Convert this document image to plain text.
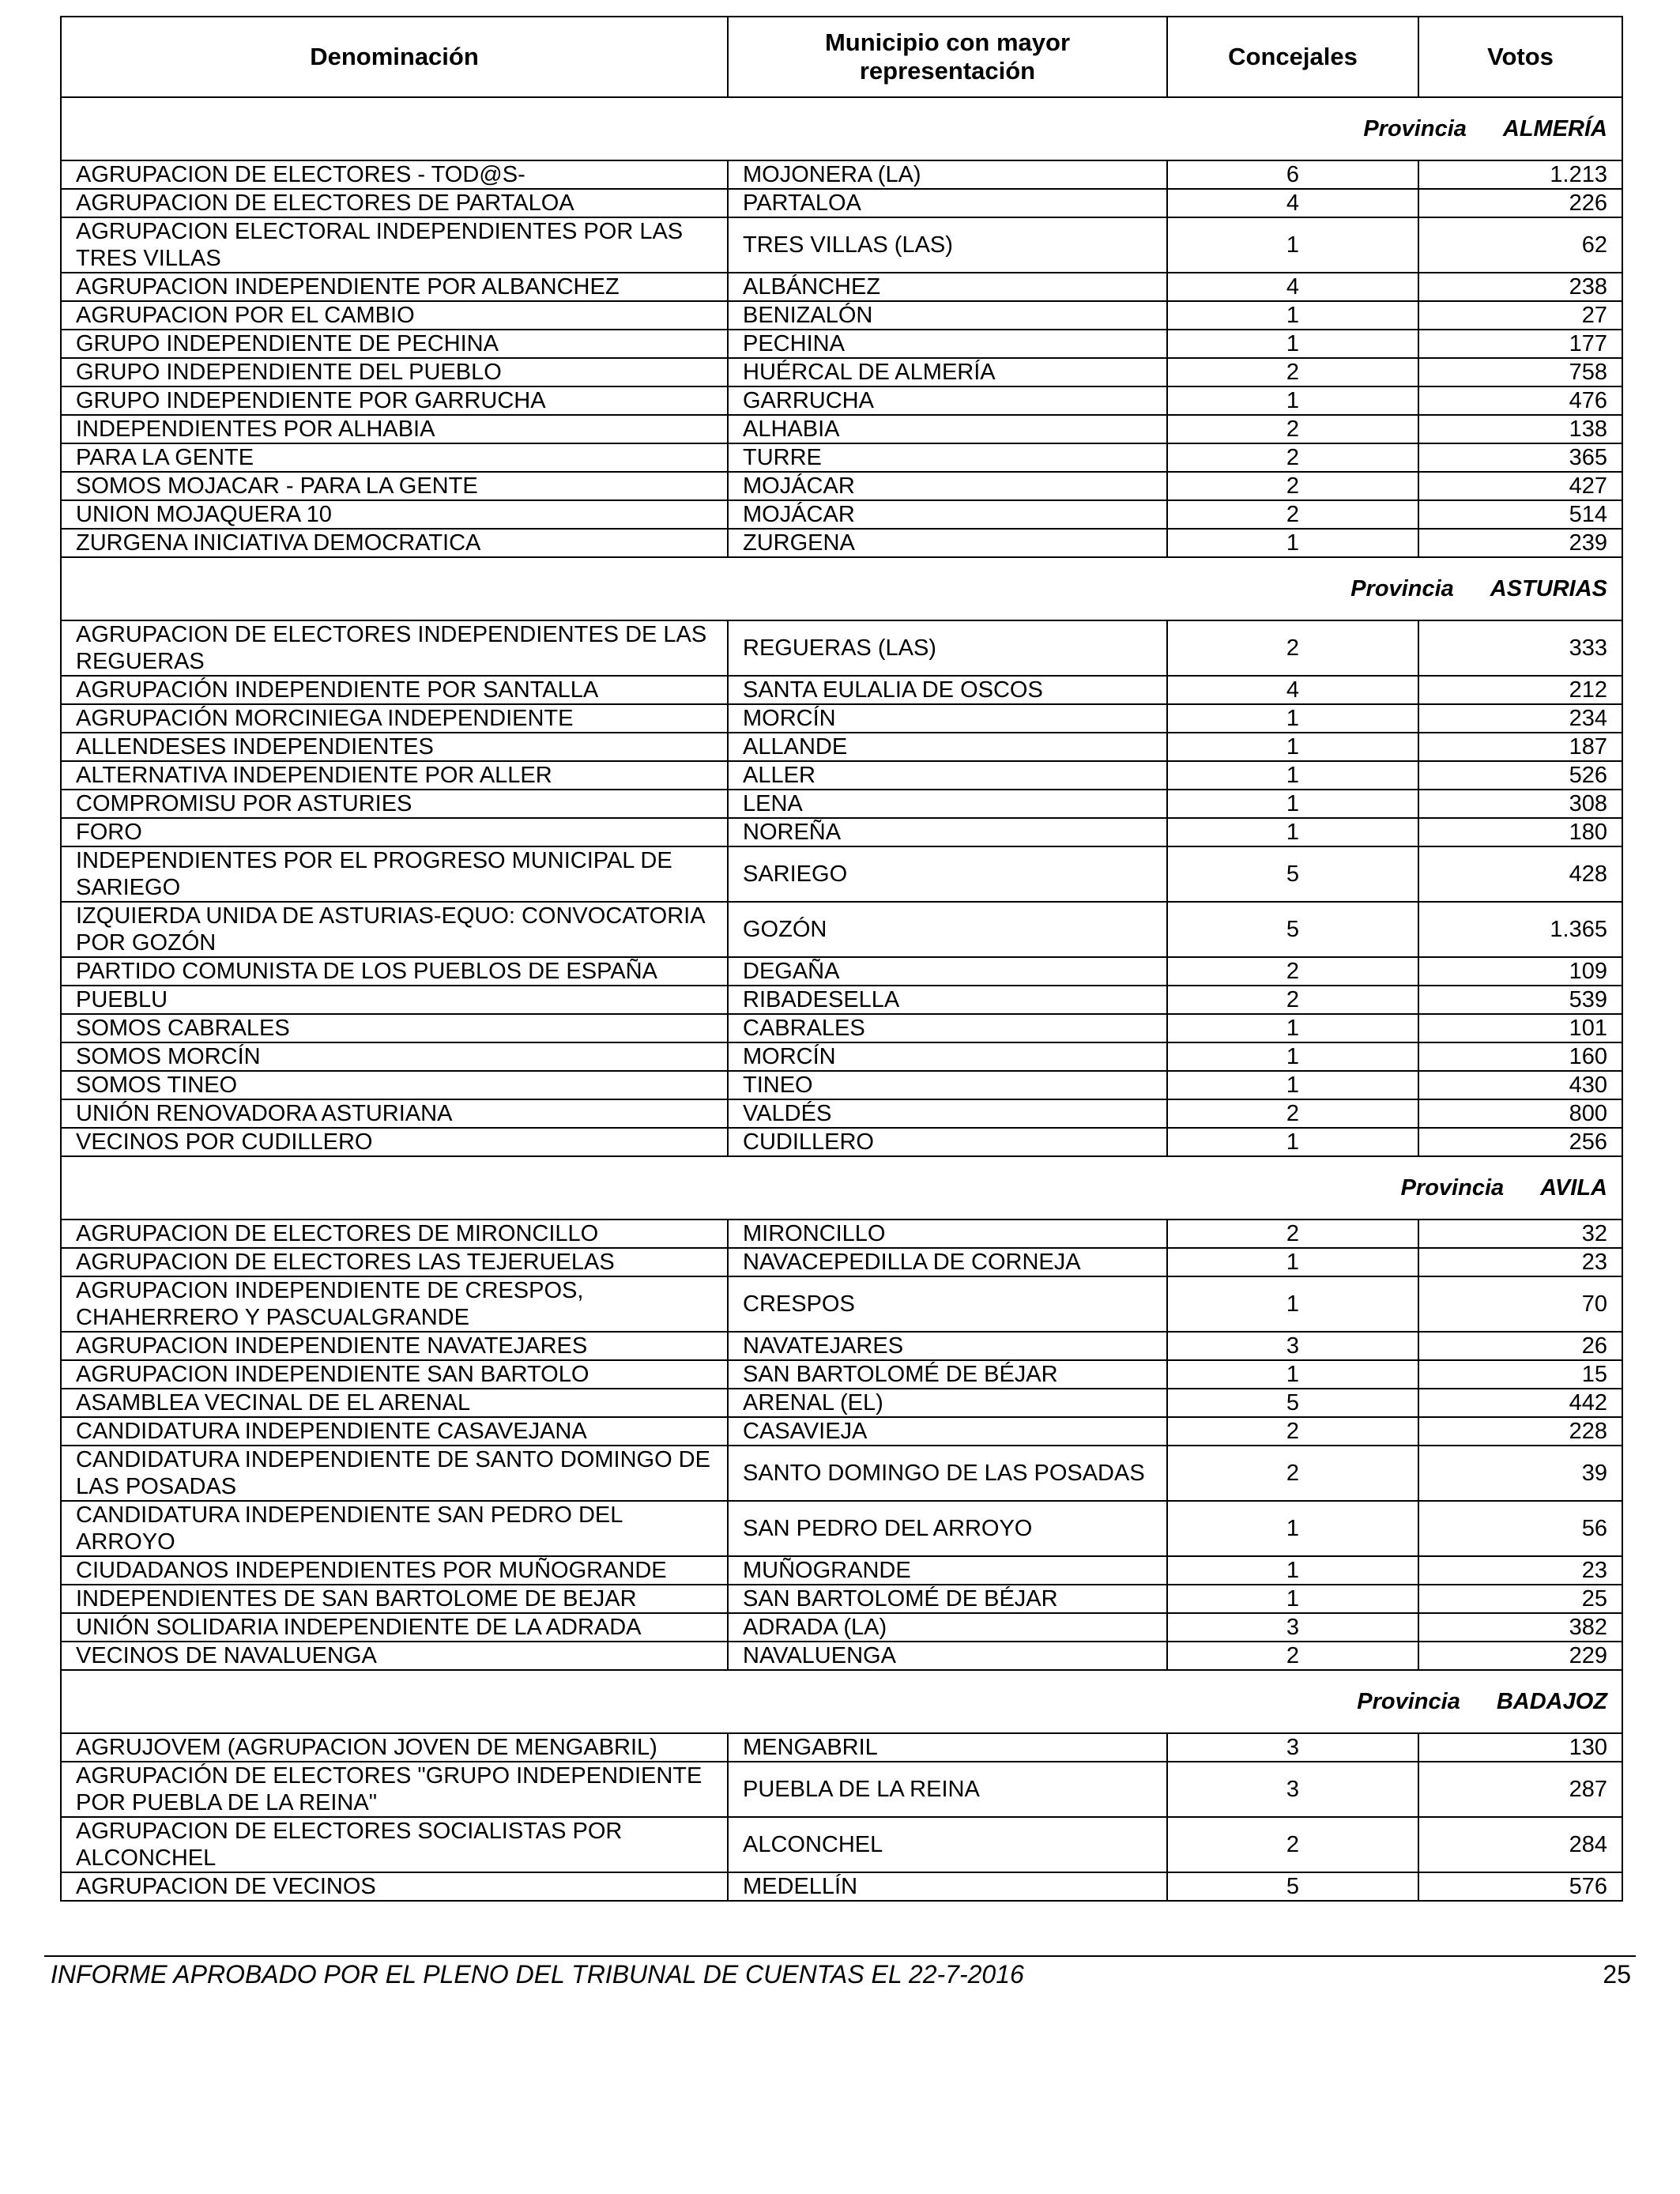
Denominación	Municipio con mayor representación	Concejales	Votos
Provincia ALMERÍA			
AGRUPACION DE ELECTORES - TOD@S-	MOJONERA (LA)	6	1.213
AGRUPACION DE ELECTORES DE PARTALOA	PARTALOA	4	226
AGRUPACION ELECTORAL INDEPENDIENTES POR LAS TRES VILLAS	TRES VILLAS (LAS)	1	62
AGRUPACION INDEPENDIENTE POR ALBANCHEZ	ALBÁNCHEZ	4	238
AGRUPACION POR EL CAMBIO	BENIZALÓN	1	27
GRUPO INDEPENDIENTE DE PECHINA	PECHINA	1	177
GRUPO INDEPENDIENTE DEL PUEBLO	HUÉRCAL DE ALMERÍA	2	758
GRUPO INDEPENDIENTE POR GARRUCHA	GARRUCHA	1	476
INDEPENDIENTES POR ALHABIA	ALHABIA	2	138
PARA LA GENTE	TURRE	2	365
SOMOS MOJACAR - PARA LA GENTE	MOJÁCAR	2	427
UNION MOJAQUERA 10	MOJÁCAR	2	514
ZURGENA INICIATIVA DEMOCRATICA	ZURGENA	1	239
Provincia ASTURIAS			
AGRUPACION DE ELECTORES INDEPENDIENTES DE LAS REGUERAS	REGUERAS (LAS)	2	333
AGRUPACIÓN INDEPENDIENTE POR SANTALLA	SANTA EULALIA DE OSCOS	4	212
AGRUPACIÓN MORCINIEGA INDEPENDIENTE	MORCÍN	1	234
ALLENDESES INDEPENDIENTES	ALLANDE	1	187
ALTERNATIVA INDEPENDIENTE POR ALLER	ALLER	1	526
COMPROMISU POR ASTURIES	LENA	1	308
FORO	NOREÑA	1	180
INDEPENDIENTES POR EL PROGRESO MUNICIPAL DE SARIEGO	SARIEGO	5	428
IZQUIERDA UNIDA DE ASTURIAS-EQUO: CONVOCATORIA POR GOZÓN	GOZÓN	5	1.365
PARTIDO COMUNISTA DE LOS PUEBLOS DE ESPAÑA	DEGAÑA	2	109
PUEBLU	RIBADESELLA	2	539
SOMOS CABRALES	CABRALES	1	101
SOMOS MORCÍN	MORCÍN	1	160
SOMOS TINEO	TINEO	1	430
UNIÓN RENOVADORA ASTURIANA	VALDÉS	2	800
VECINOS POR CUDILLERO	CUDILLERO	1	256
Provincia AVILA			
AGRUPACION DE ELECTORES DE MIRONCILLO	MIRONCILLO	2	32
AGRUPACION DE ELECTORES LAS TEJERUELAS	NAVACEPEDILLA DE CORNEJA	1	23
AGRUPACION INDEPENDIENTE DE CRESPOS, CHAHERRERO Y PASCUALGRANDE	CRESPOS	1	70
AGRUPACION INDEPENDIENTE NAVATEJARES	NAVATEJARES	3	26
AGRUPACION INDEPENDIENTE SAN BARTOLO	SAN BARTOLOMÉ DE BÉJAR	1	15
ASAMBLEA VECINAL DE EL ARENAL	ARENAL (EL)	5	442
CANDIDATURA INDEPENDIENTE CASAVEJANA	CASAVIEJA	2	228
CANDIDATURA INDEPENDIENTE DE SANTO DOMINGO DE LAS POSADAS	SANTO DOMINGO DE LAS POSADAS	2	39
CANDIDATURA INDEPENDIENTE SAN PEDRO DEL ARROYO	SAN PEDRO DEL ARROYO	1	56
CIUDADANOS INDEPENDIENTES POR MUÑOGRANDE	MUÑOGRANDE	1	23
INDEPENDIENTES DE SAN BARTOLOME DE BEJAR	SAN BARTOLOMÉ DE BÉJAR	1	25
UNIÓN SOLIDARIA INDEPENDIENTE DE LA ADRADA	ADRADA (LA)	3	382
VECINOS DE NAVALUENGA	NAVALUENGA	2	229
Provincia BADAJOZ			
AGRUJOVEM (AGRUPACION JOVEN DE MENGABRIL)	MENGABRIL	3	130
AGRUPACIÓN DE ELECTORES "GRUPO INDEPENDIENTE POR PUEBLA DE LA REINA"	PUEBLA DE LA REINA	3	287
AGRUPACION DE ELECTORES SOCIALISTAS POR ALCONCHEL	ALCONCHEL	2	284
AGRUPACION DE VECINOS	MEDELLÍN	5	576
INFORME APROBADO POR EL PLENO DEL TRIBUNAL DE CUENTAS EL 22-7-2016	25
